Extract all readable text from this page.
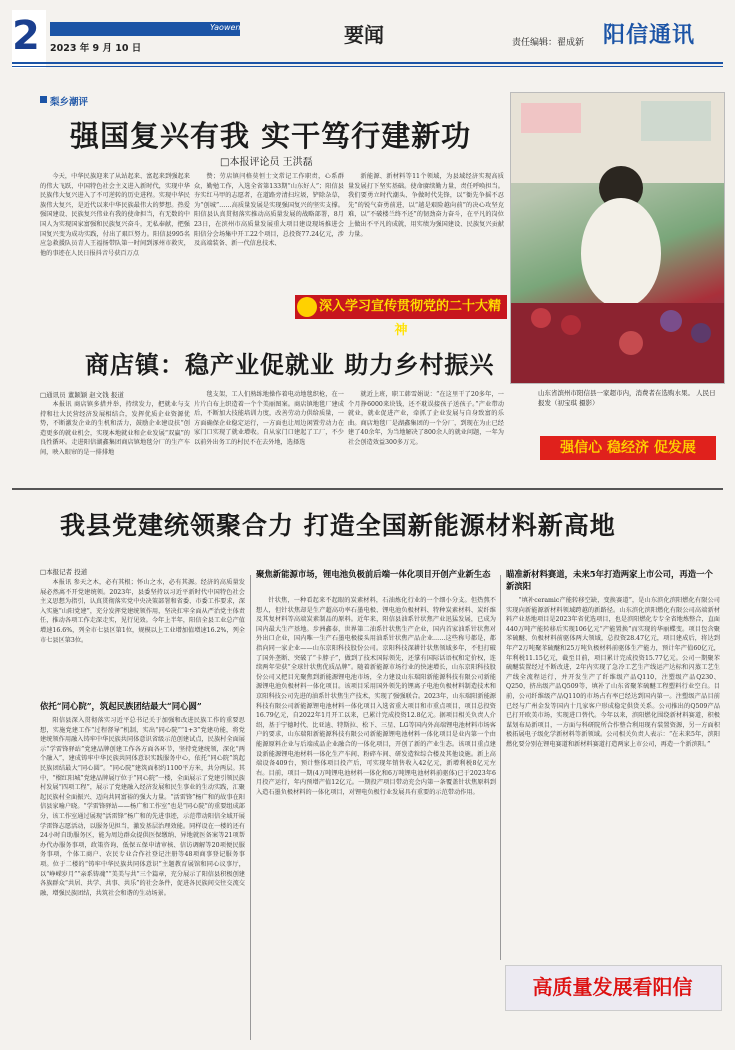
2	Yaowen
2023 年 9 月 10 日
要闻	责任编辑：翟成新 阳信通讯
梨乡潮评
强国复兴有我 实干笃行建新功
□本报评论员 王洪磊

今天，中华民族迎来了从站起来、富起来到强起来的伟大飞跃，中国特色社会主义进入新时代，实现中华民族伟大复兴进入了不可逆转的历史进程。实现中华民族伟大复兴，是近代以来中华民族最伟大的梦想。热爱强国建设、民族复兴伟业有我的使命担当，有无数的中国人为实现国家富强和民族复兴奋斗，无私奉献，把强国复兴变为成功实践，付出了艰巨努力。阳信县995名应急救援队员青人王福扬带队第一时间到涿州市救灾，他的事迹在人民日报抖音号获百万点

赞；劳店镇闫格莫恒士文常记工作职责，心系群众，勤勉工作，入选全省第133期“山东好人”；阳信县夯实红马甲的志愿者，在道路旁清扫垃圾，铲除杂草，为“创城”……高质量发展是实现强国复兴的坚实支撑。阳信县认真贯彻落实推动高质量发展的战略部署，8月23日，在滨州市高质量发展重大项目建设现场推进会阳信分会场集中开工22个项目，总投资77.24亿元，涉及高端装备、新一代信息技术、

新能源、新材料等11个领域，为县域经济实现高质量发展打下坚实基础。使命赓续勤力量，责任呼唤担当。我们要勇立时代潮头、争做时代先锋，以“衙先争摇不忍先”的锐气奋勇前进，以“越是艰险越向前”的决心攻坚克难，以“不破楼兰终不还”的韧劲奋力奋斗，在平凡的岗位上做出不平凡的成就，用实绩为强国建设、民族复兴贡献力量。

山东省滨州市阳信县一家超市内，消费者在选购水果。 人民日报发（初宝琪 摄影）
深入学习宣传贯彻党的二十大精神
商店镇：稳产业促就业 助力乡村振兴
□通讯员 董颖颖 赵文钱 报道

本报讯 商店镇多措并举，持续发力，把就业与支持和壮大民营经济发展相结合，发挥优质企业资源优势，不断激发企业的生机和活力，鼓励企业建设扶“创造更多的就业机会，实现本地就业和企业发展“双赢”的良性循环。走进阳信湖鑫集团商店镇地毯分厂的生产车间，映入眼帘的是一排排地

毯支架，工人们熟练地操作着电动地毯织枪，在一片片白布上织造着一个个美丽图案。商店镇地毯厂建成后，不断加大技能培训力度，改善劳动力供给质量，一方面确保企业稳定运行，一方面也让周边闲置劳动力在家门口实现了就业增收。自从家门口建起了工厂，不少以前外出务工的村民不在去外地，选择选

就近上班，职工韩雪娟说：“在这里干了20多年，一个月挣6000来块钱，还不耽误接孩子送孩子。”产业带动就业，就业促进产业，牵抓了企业发展与自身致富的乐曲。商店地毯厂是湖鑫集团的一个分厂，到现在为止已经建了40余年，为当地解决了800余人的就业问题，一年为社会创造效益300多万元。	强信心 稳经济 促发展
我县党建统领聚合力 打造全国新能源材料新高地
□本报记者 投道

本报讯 参天之木，必有其根；怀山之水，必有其源。经济的高质量发展必然离不开党建统领。2023年，县委坚持以习近平新时代中国特色社会主义思想为指引，认真贯彻落实党中央决策部署和省委、市委工作要求，深入实施“山阳党建”，充分发挥党建统领作用，坚决扛牢全面从严治党主体责任，推动各项工作走深走实，见行见效。今年上半年，阳信全县工业总产值增速16.6%，列全市七县区第1位，规模以上工业增加值增速16.2%，列全市七县区第3位。

依托“同心院”，筑起民族团结最大“同心圆”

阳信县深入贯彻落实习近平总书记关于加强和改进民族工作的重要思想，实施党建工作“过程督导”机制，实出“同心院”“1+3”党建功能，将党建统领作用融入铸牢中华民族共同体意识省级示范创建试点，民族村全面展示“学雷锋驿站”党建品牌创建工作各方面各环节，坚持党建统领，深化“两个融入”，建成铸牢中华民族共同体意识实践服务中心，依托“同心院”筑起民族团结最大“同心圆”。“同心院”建筑面积约1100平方米，共分两层。其中，“榴红阳城”党建品牌展厅位于“同心院”一楼，全面展示了党建引领民族村发展“四项工程”，展示了党建融入经济发展和民生事业的生动实践，汇聚起民族村全面振兴、迈向共同富裕的强大力量。“活雷锋”杨广和的故事在阳信县家喻户晓。“学雷锋驿站——杨广和工作室”也是“同心院”的重要组成部分，该工作室通过展现“活雷锋”杨广和的先进事迹，示范带动阳信全域开展学雷锋志愿活动，以服务见担当，激发基层治理效能。同样设在一楼的还有24小时自助服务区，能为周边群众提供医保缴纳、异地就医备案等21项帮办代办服务事项，政策咨询、低保五保申请审核、信访调解等20项便民服务事项，个体工商户、农民专业合作社登记注册等48项商事登记服务事项。位于二楼的“铸牢中华民族共同体意识”主题教育展馆和同心议事厅，以“峥嵘岁月”“亲系铸魂”“美美与共”三个篇章，充分展示了阳信县积极创建各族群众“共居、共学、共事、共乐”的社会条件，促进各民族间交往交流交融，增强民族团结，共筑社会和谐的生动场景。

聚焦新能源市场，锂电池负极前后端一体化项目开创产业新生态

针状焦，一种看起来不起眼的炭素材料，石油炼化行业的一个细小分支。但热熬不想人，但针状焦却是生产超高功率石墨电极、锂电池负极材料、特种炭素材料、炭纤维及其复材料等高端炭素制品的原料。近年来，阳信县油系针状焦产业迅猛发展，已成为国内最大生产基地。步洲鑫泰，世界第二油系针状焦生产企业，国内首家油系针状焦对外出口企业，国内唯一生产石墨电极接头用油系针状焦产品企业……这些称号都是，都指向同一家企业——山东京阳科技股份公司。京阳科技深耕针状焦领域多年，不但打破了国外垄断、突破了“卡脖子”，做到了技术国际领先，还掌有国际话语权和定价权，连续两年荣获“全球针状焦优质品牌”。随着新能源市场行业的快速增长，山东京阳科技股份公司又把目光聚焦到新能源锂电池市场，全力建设山东瑞阳新能源科技有限公司新能源锂电池负极材料一体化项目。该项目采用国外领先的锂离子电池负极材料制造技术和京阳科技公司先进的油系针状焦生产技术，实现了强强联合。2023年，山东瑞阳新能源科技有限公司新能源锂电池材料一体化项目入选省重大项目和市重点项目，项目总投资16.79亿元，自2022年1月开工以来，已累计完成投资12.8亿元。据项目相关负责人介绍，基于宁德时代、比亚迪、特斯拉、松下、三星、LG等国内外高端锂电池材料市场客户的要求，山东瑞阳新能源科技有限公司新能源锂电池材料一体化项目是业内第一个由能源原料企业与后端成品企业融合的一体化项目，开创了新的产业生态。该项目重点建设新能源锂电池材料一体化生产车间、粉碎车间、研发造粒综合楼及其他设施。新上高端设备409台，预计整体项目投产后，可实现年销售收入42亿元，新增利税8亿元左右。目前，项目一期(4万吨锂电池材料一体化和6万吨锂电池材料前驱体)已于2023年6月投产运行，年内预增产值12亿元。一期投产项目带动充会内第一条覆盖针状焦原料到入造石墨负极材料的一体化项目，对锂电负极行业发展具有重要的示范带动作用。

瞄准新材料赛道，未来5年打造两家上市公司，再造一个新滨阳

“填补ceramic产能转移空缺，变换赛道”，是山东滨化滨阳燃化有限公司实现向新能源新材料领域跨越的新路径。山东滨化滨阳燃化有限公司高端新材料产业基地项目是2023年省优选项目，也是滨阳燃化专专全省地炼整合，直面440万吨产能转移后实现106亿元“产能置换”而实现的华丽蝶变。项目包含聚苯硫醚、负极材料前驱体两大领域，总投资28.47亿元，项目建成后，将达到年产2万吨聚苯硫醚和25万吨负极材料前驱体生产能力，预计年产值60亿元，年利税11.15亿元，截至目前，项目累计完成投资15.77亿元。公司一期聚苯硫醚装置经过不断改进，2年内实现了急冷工艺生产线运产达标和闪蒸工艺生产线全流程运行，并开发生产了纤维级产品Q110，注塑级产品Q230、Q250，挤出级产品Q509等，填补了山东省聚苯硫醚工程塑料行业空白。目前，公司纤维级产品Q110的市场占有率已经达到国内第一。注塑级产品目前已经与广州金发等国内十几家客户形成稳定供货关系。公司推出的Q509产品已打开欧美市场，实现进口替代。今年以来，滨阳燃化围绕新材料赛道，积极谋划布局新项目，一方面与科研院所合作整合利用现有装置资源，另一方面积极拓展电子级化学新材料等新领域。公司相关负责人表示：“在未来5年，滨阳燃化要分别在锂电赛道和新材料赛道打造两家上市公司，再造一个新滨阳。”

高质量发展看阳信
